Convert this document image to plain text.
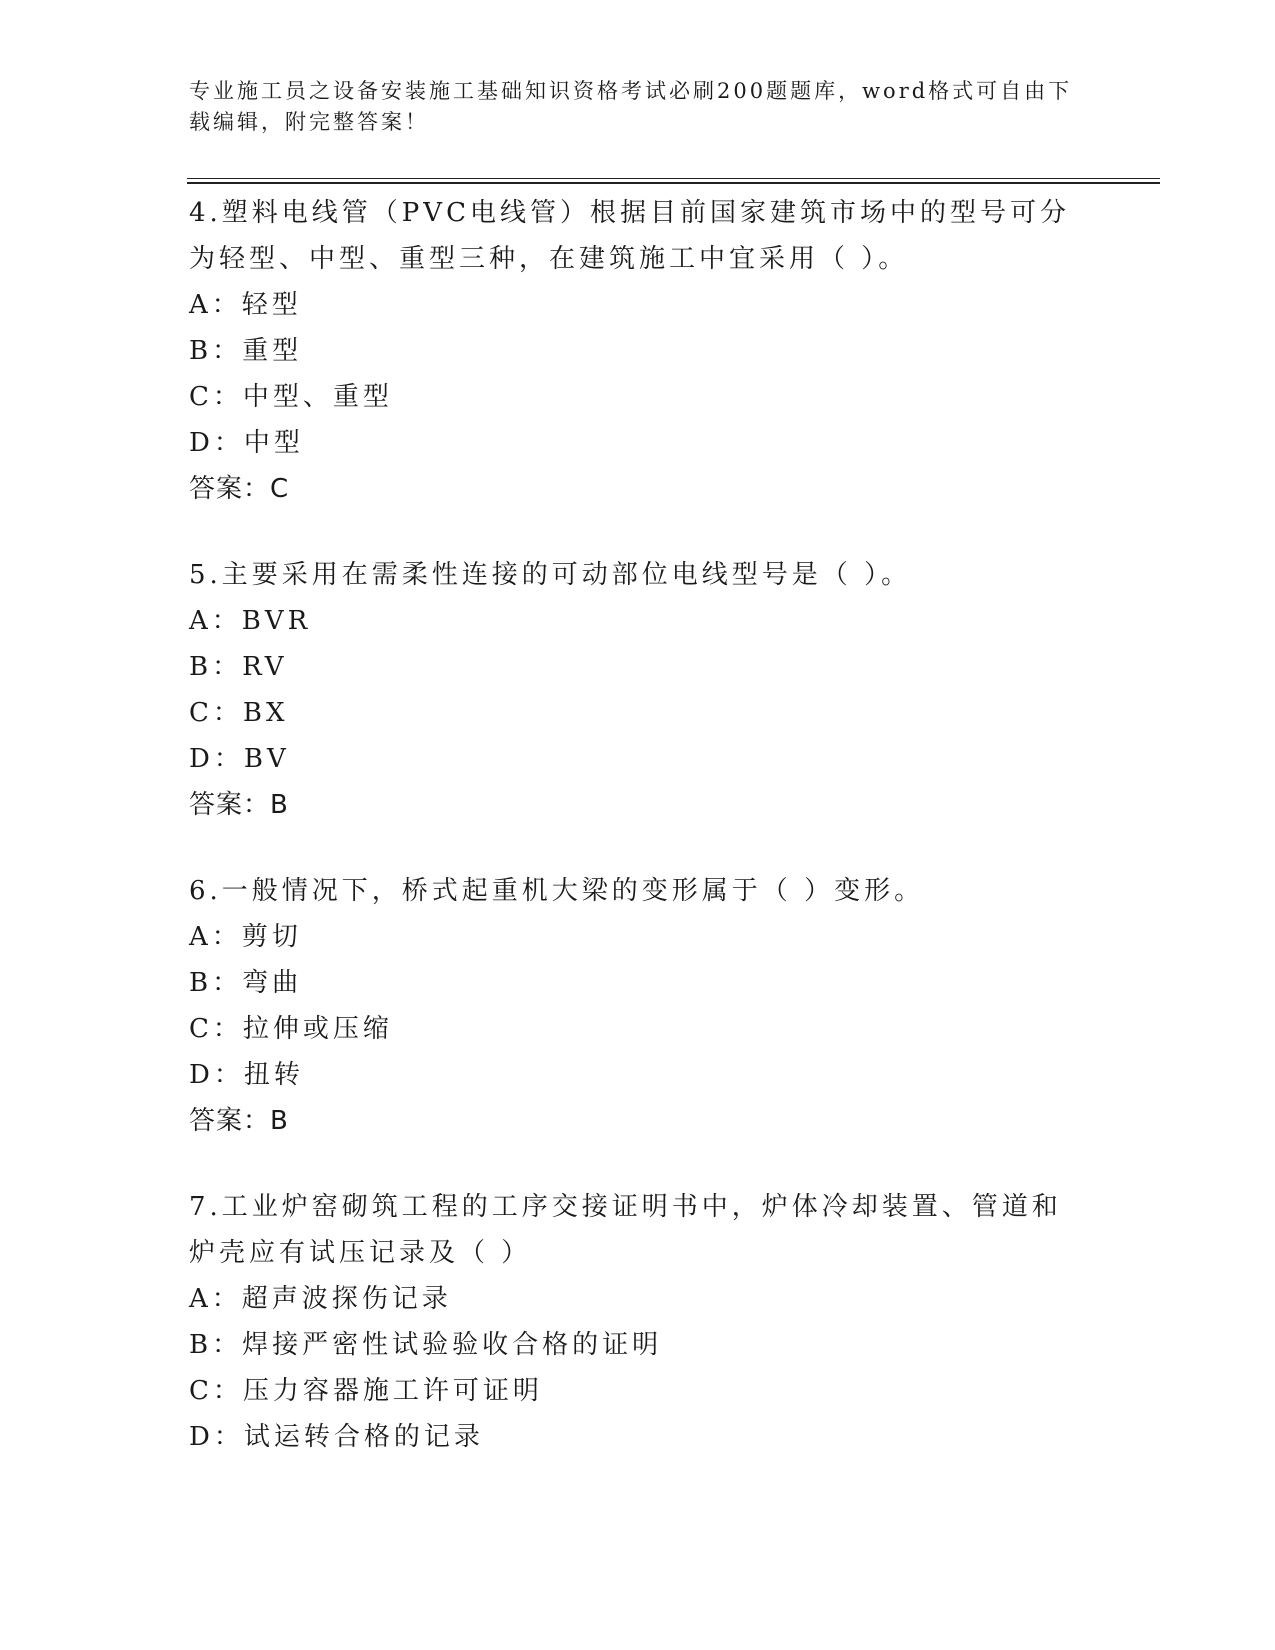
专业施工员之设备安装施工基础知识资格考试必刷200题题库，word格式可自由下载编辑，附完整答案！
4.塑料电线管（PVC电线管）根据目前国家建筑市场中的型号可分为轻型、中型、重型三种，在建筑施工中宜采用（ ）。
A：轻型
B：重型
C：中型、重型
D：中型
答案：C
5.主要采用在需柔性连接的可动部位电线型号是（ ）。
A：BVR
B：RV
C：BX
D：BV
答案：B
6.一般情况下，桥式起重机大梁的变形属于（ ）变形。
A：剪切
B：弯曲
C：拉伸或压缩
D：扭转
答案：B
7.工业炉窑砌筑工程的工序交接证明书中，炉体冷却装置、管道和炉壳应有试压记录及（ ）
A：超声波探伤记录
B：焊接严密性试验验收合格的证明
C：压力容器施工许可证明
D：试运转合格的记录
